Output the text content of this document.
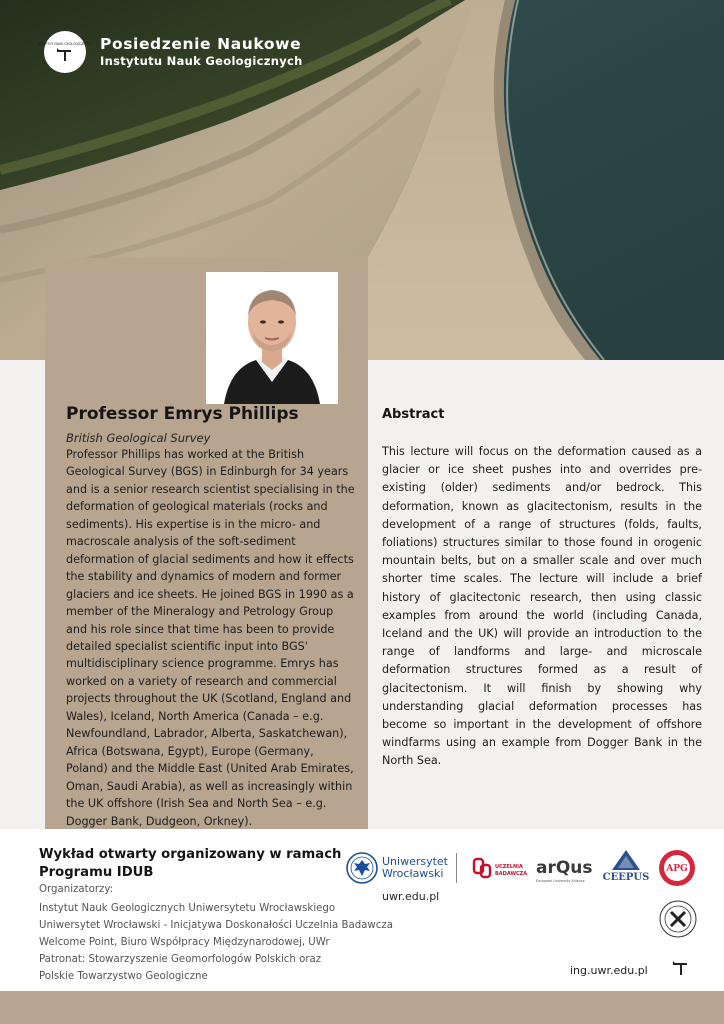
INSTYTUT NAUK GEOLOGICZNYCH Posiedzenie Naukowe
Instytutu Nauk Geologicznych
Professor Emrys Phillips
British Geological Survey

Professor Phillips has worked at the British Geological Survey (BGS) in Edinburgh for 34 years and is a senior research scientist specialising in the deformation of geological materials (rocks and sediments). His expertise is in the micro- and macroscale analysis of the soft-sediment deformation of glacial sediments and how it effects the stability and dynamics of modern and former glaciers and ice sheets. He joined BGS in 1990 as a member of the Mineralogy and Petrology Group and his role since that time has been to provide detailed specialist scientific input into BGS' multidisciplinary science programme. Emrys has worked on a variety of research and commercial projects throughout the UK (Scotland, England and Wales), Iceland, North America (Canada – e.g. Newfoundland, Labrador, Alberta, Saskatchewan), Africa (Botswana, Egypt), Europe (Germany, Poland) and the Middle East (United Arab Emirates, Oman, Saudi Arabia), as well as increasingly within the UK offshore (Irish Sea and North Sea – e.g. Dogger Bank, Dudgeon, Orkney).

Abstract

This lecture will focus on the deformation caused as a glacier or ice sheet pushes into and overrides pre-existing (older) sediments and/or bedrock. This deformation, known as glacitectonism, results in the development of a range of structures (folds, faults, foliations) structures similar to those found in orogenic mountain belts, but on a smaller scale and over much shorter time scales. The lecture will include a brief history of glacitectonic research, then using classic examples from around the world (including Canada, Iceland and the UK) will provide an introduction to the range of landforms and large- and microscale deformation structures formed as a result of glacitectonism. It will finish by showing why understanding glacial deformation processes has become so important in the development of offshore windfarms using an example from Dogger Bank in the North Sea.

Wykład otwarty organizowany w ramach Programu IDUB
Organizatorzy:
Instytut Nauk Geologicznych Uniwersytetu Wrocławskiego
Uniwersytet Wrocławski - Inicjatywa Doskonałości Uczelnia Badawcza
Welcome Point, Biuro Współpracy Międzynarodowej, UWr
Patronat: Stowarzyszenie Geomorfologów Polskich oraz
Polskie Towarzystwo Geologiczne
Uniwersytet
Wrocławski	UCZELNIA
BADAWCZA arQus
European University Alliance CEEPUS
APG
uwr.edu.pl
ing.uwr.edu.pl
